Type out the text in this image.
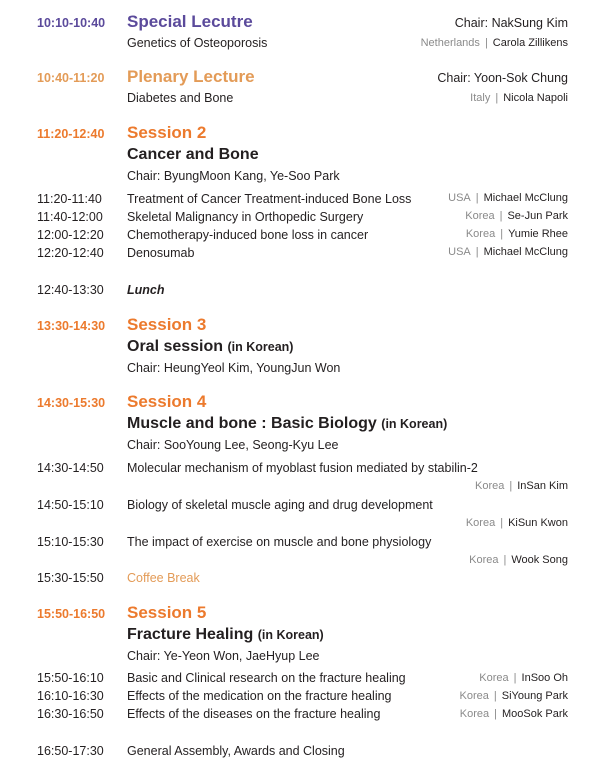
10:10-10:40 Special Lecutre	Chair: NakSung Kim
Genetics of Osteoporosis	Netherlands | Carola Zillikens
10:40-11:20 Plenary Lecture	Chair: Yoon-Sok Chung
Diabetes and Bone	Italy | Nicola Napoli
11:20-12:40 Session 2
Cancer and Bone
Chair: ByungMoon Kang, Ye-Soo Park
11:20-11:40 Treatment of Cancer Treatment-induced Bone Loss	USA | Michael McClung
11:40-12:00 Skeletal Malignancy in Orthopedic Surgery	Korea | Se-Jun Park
12:00-12:20 Chemotherapy-induced bone loss in cancer	Korea | Yumie Rhee
12:20-12:40 Denosumab	USA | Michael McClung
12:40-13:30 Lunch
13:30-14:30 Session 3
Oral session (in Korean)
Chair: HeungYeol Kim, YoungJun Won
14:30-15:30 Session 4
Muscle and bone : Basic Biology (in Korean)
Chair: SooYoung Lee, Seong-Kyu Lee
14:30-14:50 Molecular mechanism of myoblast fusion mediated by stabilin-2
Korea | InSan Kim
14:50-15:10 Biology of skeletal muscle aging and drug development
Korea | KiSun Kwon
15:10-15:30 The impact of exercise on muscle and bone physiology
Korea | Wook Song
15:30-15:50 Coffee Break
15:50-16:50 Session 5
Fracture Healing (in Korean)
Chair: Ye-Yeon Won, JaeHyup Lee
15:50-16:10 Basic and Clinical research on the fracture healing	Korea | InSoo Oh
16:10-16:30 Effects of the medication on the fracture healing	Korea | SiYoung Park
16:30-16:50 Effects of the diseases on the fracture healing	Korea | MooSok Park
16:50-17:30 General Assembly, Awards and Closing
